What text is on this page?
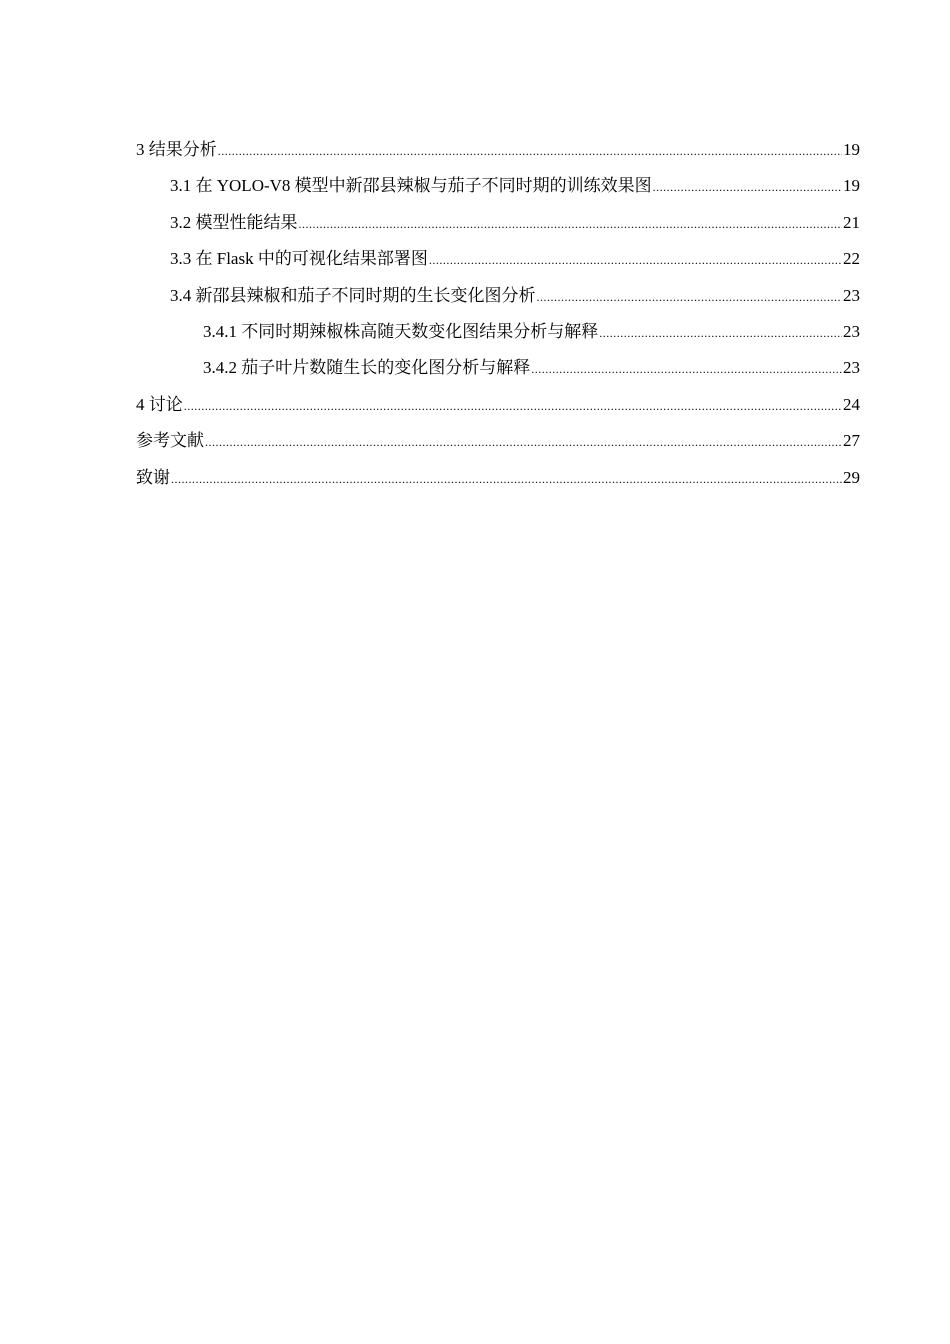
3 结果分析 .....	19
3.1 在 YOLO-V8 模型中新邵县辣椒与茄子不同时期的训练效果图 .....	19
3.2 模型性能结果 .....	21
3.3 在 Flask 中的可视化结果部署图 .....	22
3.4 新邵县辣椒和茄子不同时期的生长变化图分析 .....	23
3.4.1 不同时期辣椒株高随天数变化图结果分析与解释 .....	23
3.4.2 茄子叶片数随生长的变化图分析与解释 .....	23
4 讨论 .....	24
参考文献 .....	27
致谢 .....	29
